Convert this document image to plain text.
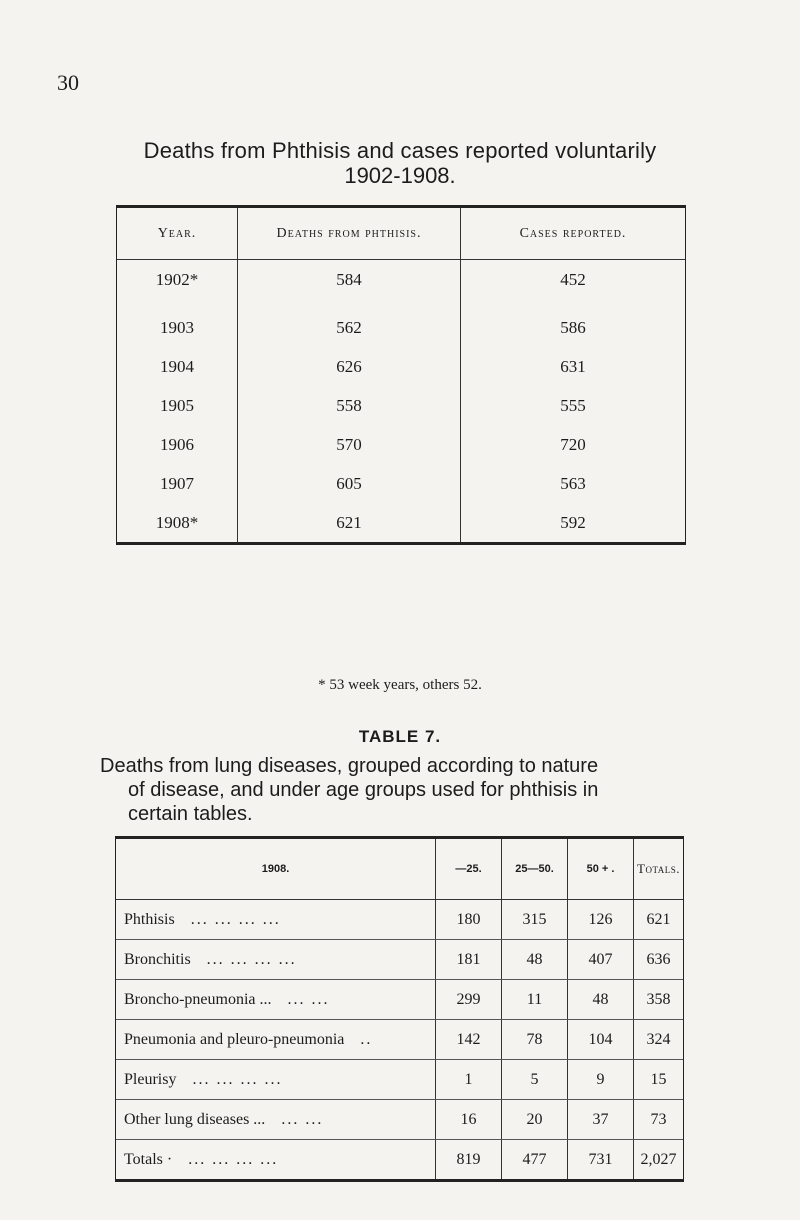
30
Deaths from Phthisis and cases reported voluntarily
1902-1908.
Year.	Deaths from phthisis.	Cases reported.
1902*	584	452
1903	562	586
1904	626	631
1905	558	555
1906	570	720
1907	605	563
1908*	621	592
* 53 week years, others 52.
TABLE 7.
Deaths from lung diseases, grouped according to nature
of disease, and under age groups used for phthisis in
certain tables.
1908.	—25.	25—50.	50 + .	Totals.
Phthisis ... ... ... ...	180	315	126	621
Bronchitis ... ... ... ...	181	48	407	636
Broncho-pneumonia ... ... ...	299	11	48	358
Pneumonia and pleuro-pneumonia ..	142	78	104	324
Pleurisy ... ... ... ...	1	5	9	15
Other lung diseases ... ... ...	16	20	37	73
Totals · ... ... ... ...	819	477	731	2,027
